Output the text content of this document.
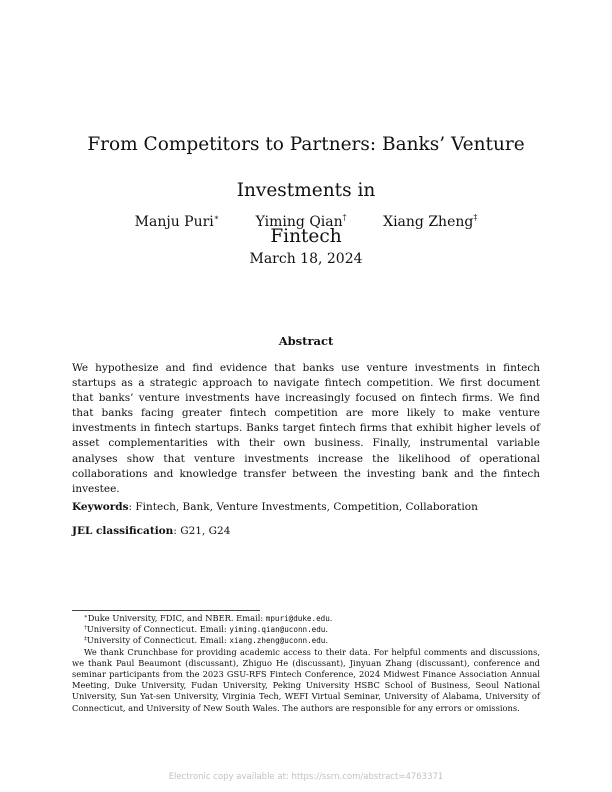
From Competitors to Partners: Banks’ Venture Investments in
Fintech
Manju Puri∗	Yiming Qian†	Xiang Zheng‡
March 18, 2024
Abstract

We hypothesize and find evidence that banks use venture investments in fintech startups as a strategic approach to navigate fintech competition. We first document that banks’ venture investments have increasingly focused on fintech firms. We find that banks facing greater fintech competition are more likely to make venture investments in fintech startups. Banks target fintech firms that exhibit higher levels of asset complementarities with their own business. Finally, instrumental variable analyses show that venture investments increase the likelihood of operational collaborations and knowledge transfer between the investing bank and the fintech investee.

Keywords: Fintech, Bank, Venture Investments, Competition, Collaboration
JEL classification: G21, G24
∗Duke University, FDIC, and NBER. Email: mpuri@duke.edu.
†University of Connecticut. Email: yiming.qian@uconn.edu.
‡University of Connecticut. Email: xiang.zheng@uconn.edu.

We thank Crunchbase for providing academic access to their data. For helpful comments and discussions, we thank Paul Beaumont (discussant), Zhiguo He (discussant), Jinyuan Zhang (discussant), conference and seminar participants from the 2023 GSU-RFS Fintech Conference, 2024 Midwest Finance Association Annual Meeting, Duke University, Fudan University, Peking University HSBC School of Business, Seoul National University, Sun Yat-sen University, Virginia Tech, WEFI Virtual Seminar, University of Alabama, University of Connecticut, and University of New South Wales. The authors are responsible for any errors or omissions.

Electronic copy available at: https://ssrn.com/abstract=4763371
